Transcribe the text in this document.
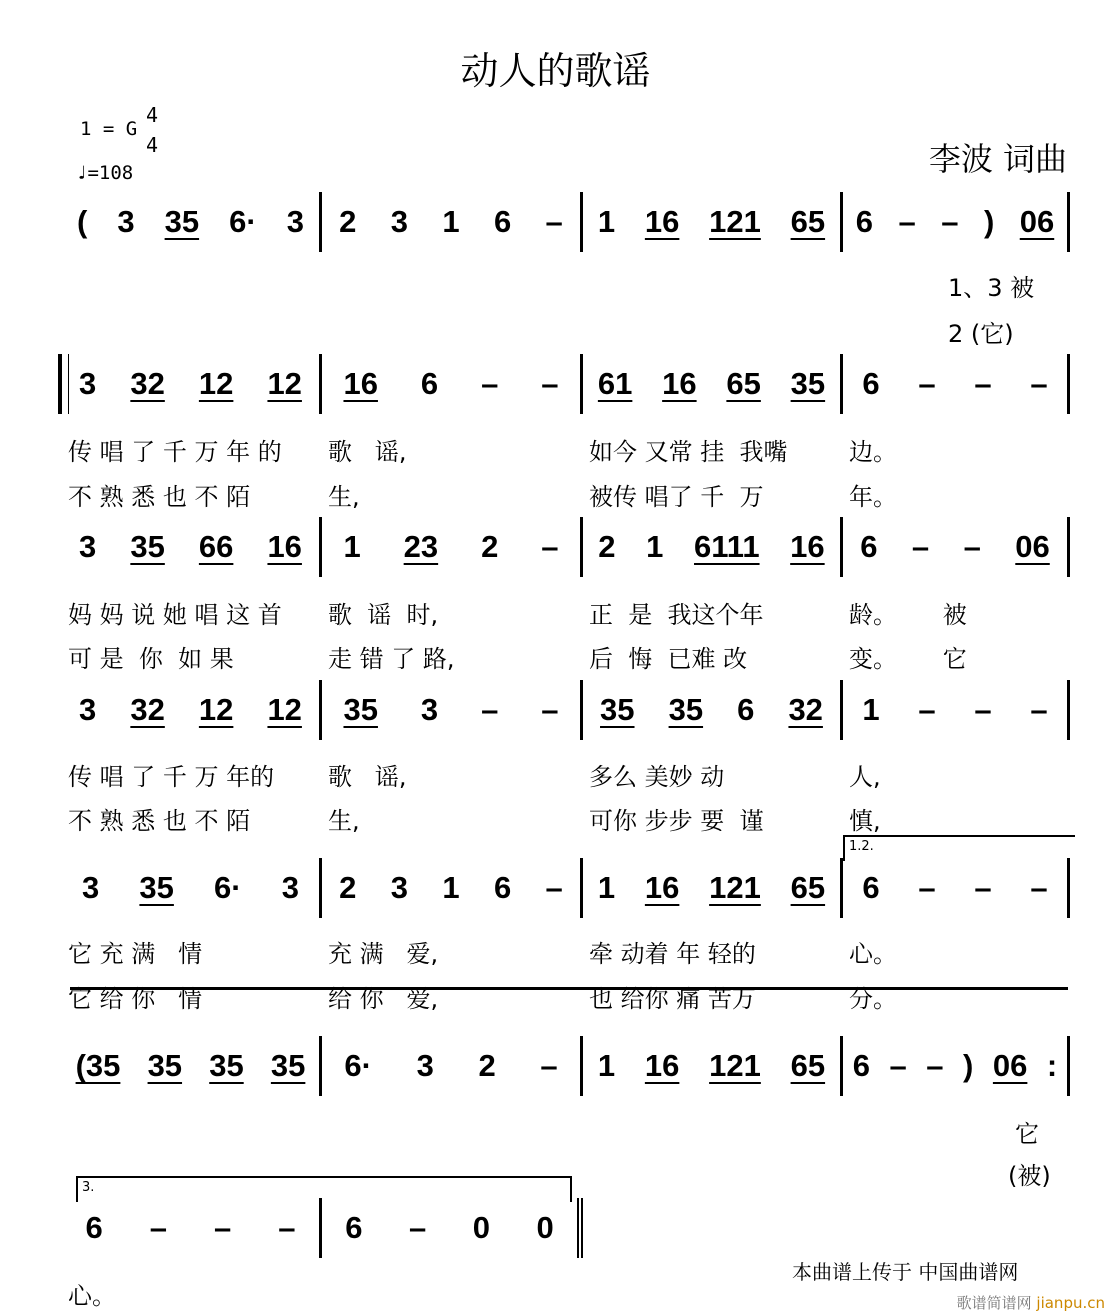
动人的歌谣
1 = G
4
4
♩=108	李波 词曲
( 3 35 6· 3 2 3 1 6 – 1 16 121 65 6 – – ) 06
3 32 12 12 16 6 – – 61 16 65 35 6 – – –
传 唱 了 千 万 年 的	歌   谣,	如今 又常 挂  我嘴	边。
不 熟 悉 也 不 陌	生,	被传 唱了 千  万	年。
3 35 66 16 1 23 2 – 2 1 6111 16 6 – – 06
妈 妈 说 她 唱 这 首	歌  谣  时,	正  是  我这个年	龄。      被
可 是  你  如 果	走 错 了 路,	后  悔  已难 改	变。      它
3 32 12 12 35 3 – – 35 35 6 32 1 – – –
传 唱 了 千 万 年的	歌   谣,	多么 美妙 动	人,
不 熟 悉 也 不 陌	生,	可你 步步 要  谨	慎,
3 35 6· 3 2 3 1 6 – 1 16 121 65 6 – – –
它 充 满   情	充 满   爱,	牵 动着 年 轻的	心。
它 给 你   情	给 你   爱,	也 给你 痛 苦万	分。
(35 35 35 35 6· 3 2 – 1 16 121 65 6 – – ) 06 :
6 – – – 6 – 0 0
心。
1、3 被
2 (它)
它
(被)
1.2.
3.
本曲谱上传于 中国曲谱网
歌谱简谱网 jianpu.cn
